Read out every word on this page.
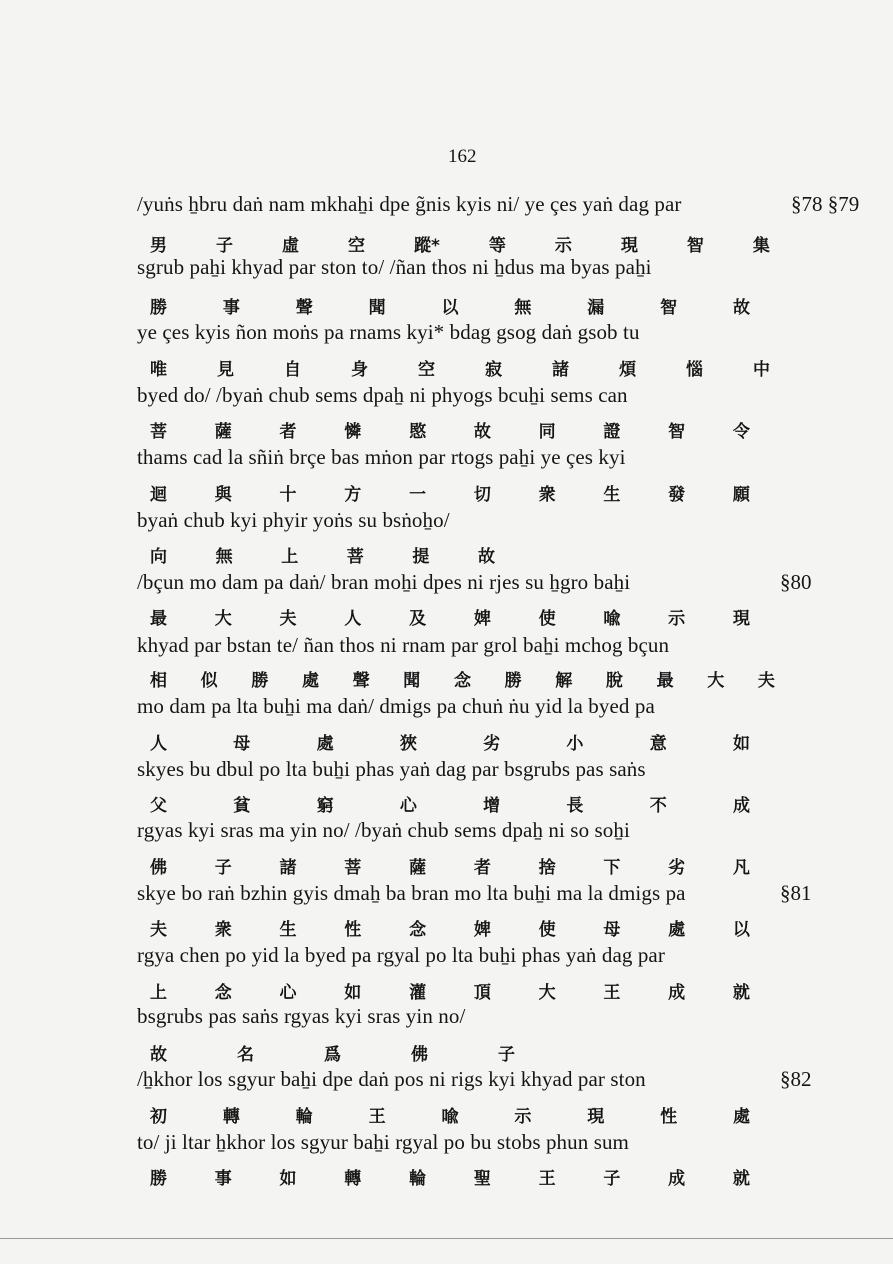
162
/yuṅs ẖbru daṅ nam mkhaẖi dpe g̃nis kyis ni/ ye çes yaṅ dag par
sgrub paẖi khyad par ston to/ /ñan thos ni ẖdus ma byas paẖi
ye çes kyis ñon moṅs pa rnams kyi* bdag gsog daṅ gsob tu
byed do/ /byaṅ chub sems dpaẖ ni phyogs bcuẖi sems can
thams cad la sñiṅ brçe bas mṅon par rtogs paẖi ye çes kyi
byaṅ chub kyi phyir yoṅs su bsṅoẖo/
/bçun mo dam pa daṅ/ bran moẖi dpes ni rjes su ẖgro baẖi
khyad par bstan te/ ñan thos ni rnam par grol baẖi mchog bçun
mo dam pa lta buẖi ma daṅ/ dmigs pa chuṅ ṅu yid la byed pa
skyes bu dbul po lta buẖi phas yaṅ dag par bsgrubs pas saṅs
rgyas kyi sras ma yin no/ /byaṅ chub sems dpaẖ ni so soẖi
skye bo raṅ bzhin gyis dmaẖ ba bran mo lta buẖi ma la dmigs pa
rgya chen po yid la byed pa rgyal po lta buẖi phas yaṅ dag par
bsgrubs pas saṅs rgyas kyi sras yin no/
/ẖkhor los sgyur baẖi dpe daṅ pos ni rigs kyi khyad par ston
to/ ji ltar ẖkhor los sgyur baẖi rgyal po bu stobs phun sum
§78 §79
§80
§81
§82
男	子	虛	空	蹤*	等	示	現	智	集
勝	事	聲	聞	以	無	漏	智	故
唯	見	自	身	空	寂	諸	煩	惱	中
菩	薩	者	憐	愍	故	同	證	智	令
迴	與	十	方	一	切	衆	生	發	願
向	無	上	菩	提	故
最	大	夫	人	及	婢	使	喩	示	現
相 似 勝 處 聲 聞 念 勝 解 脫 最 大 夫
人	母	處	狹	劣	小	意	如
父	貧	窮	心	增	長	不	成
佛	子	諸	菩	薩	者	捨	下	劣	凡
夫	衆	生	性	念	婢	使	母	處	以
上	念	心	如	灌	頂	大	王	成	就
故	名	爲	佛	子
初	轉	輪	王	喩	示	現	性	處
勝	事	如	轉	輪	聖	王	子	成	就
